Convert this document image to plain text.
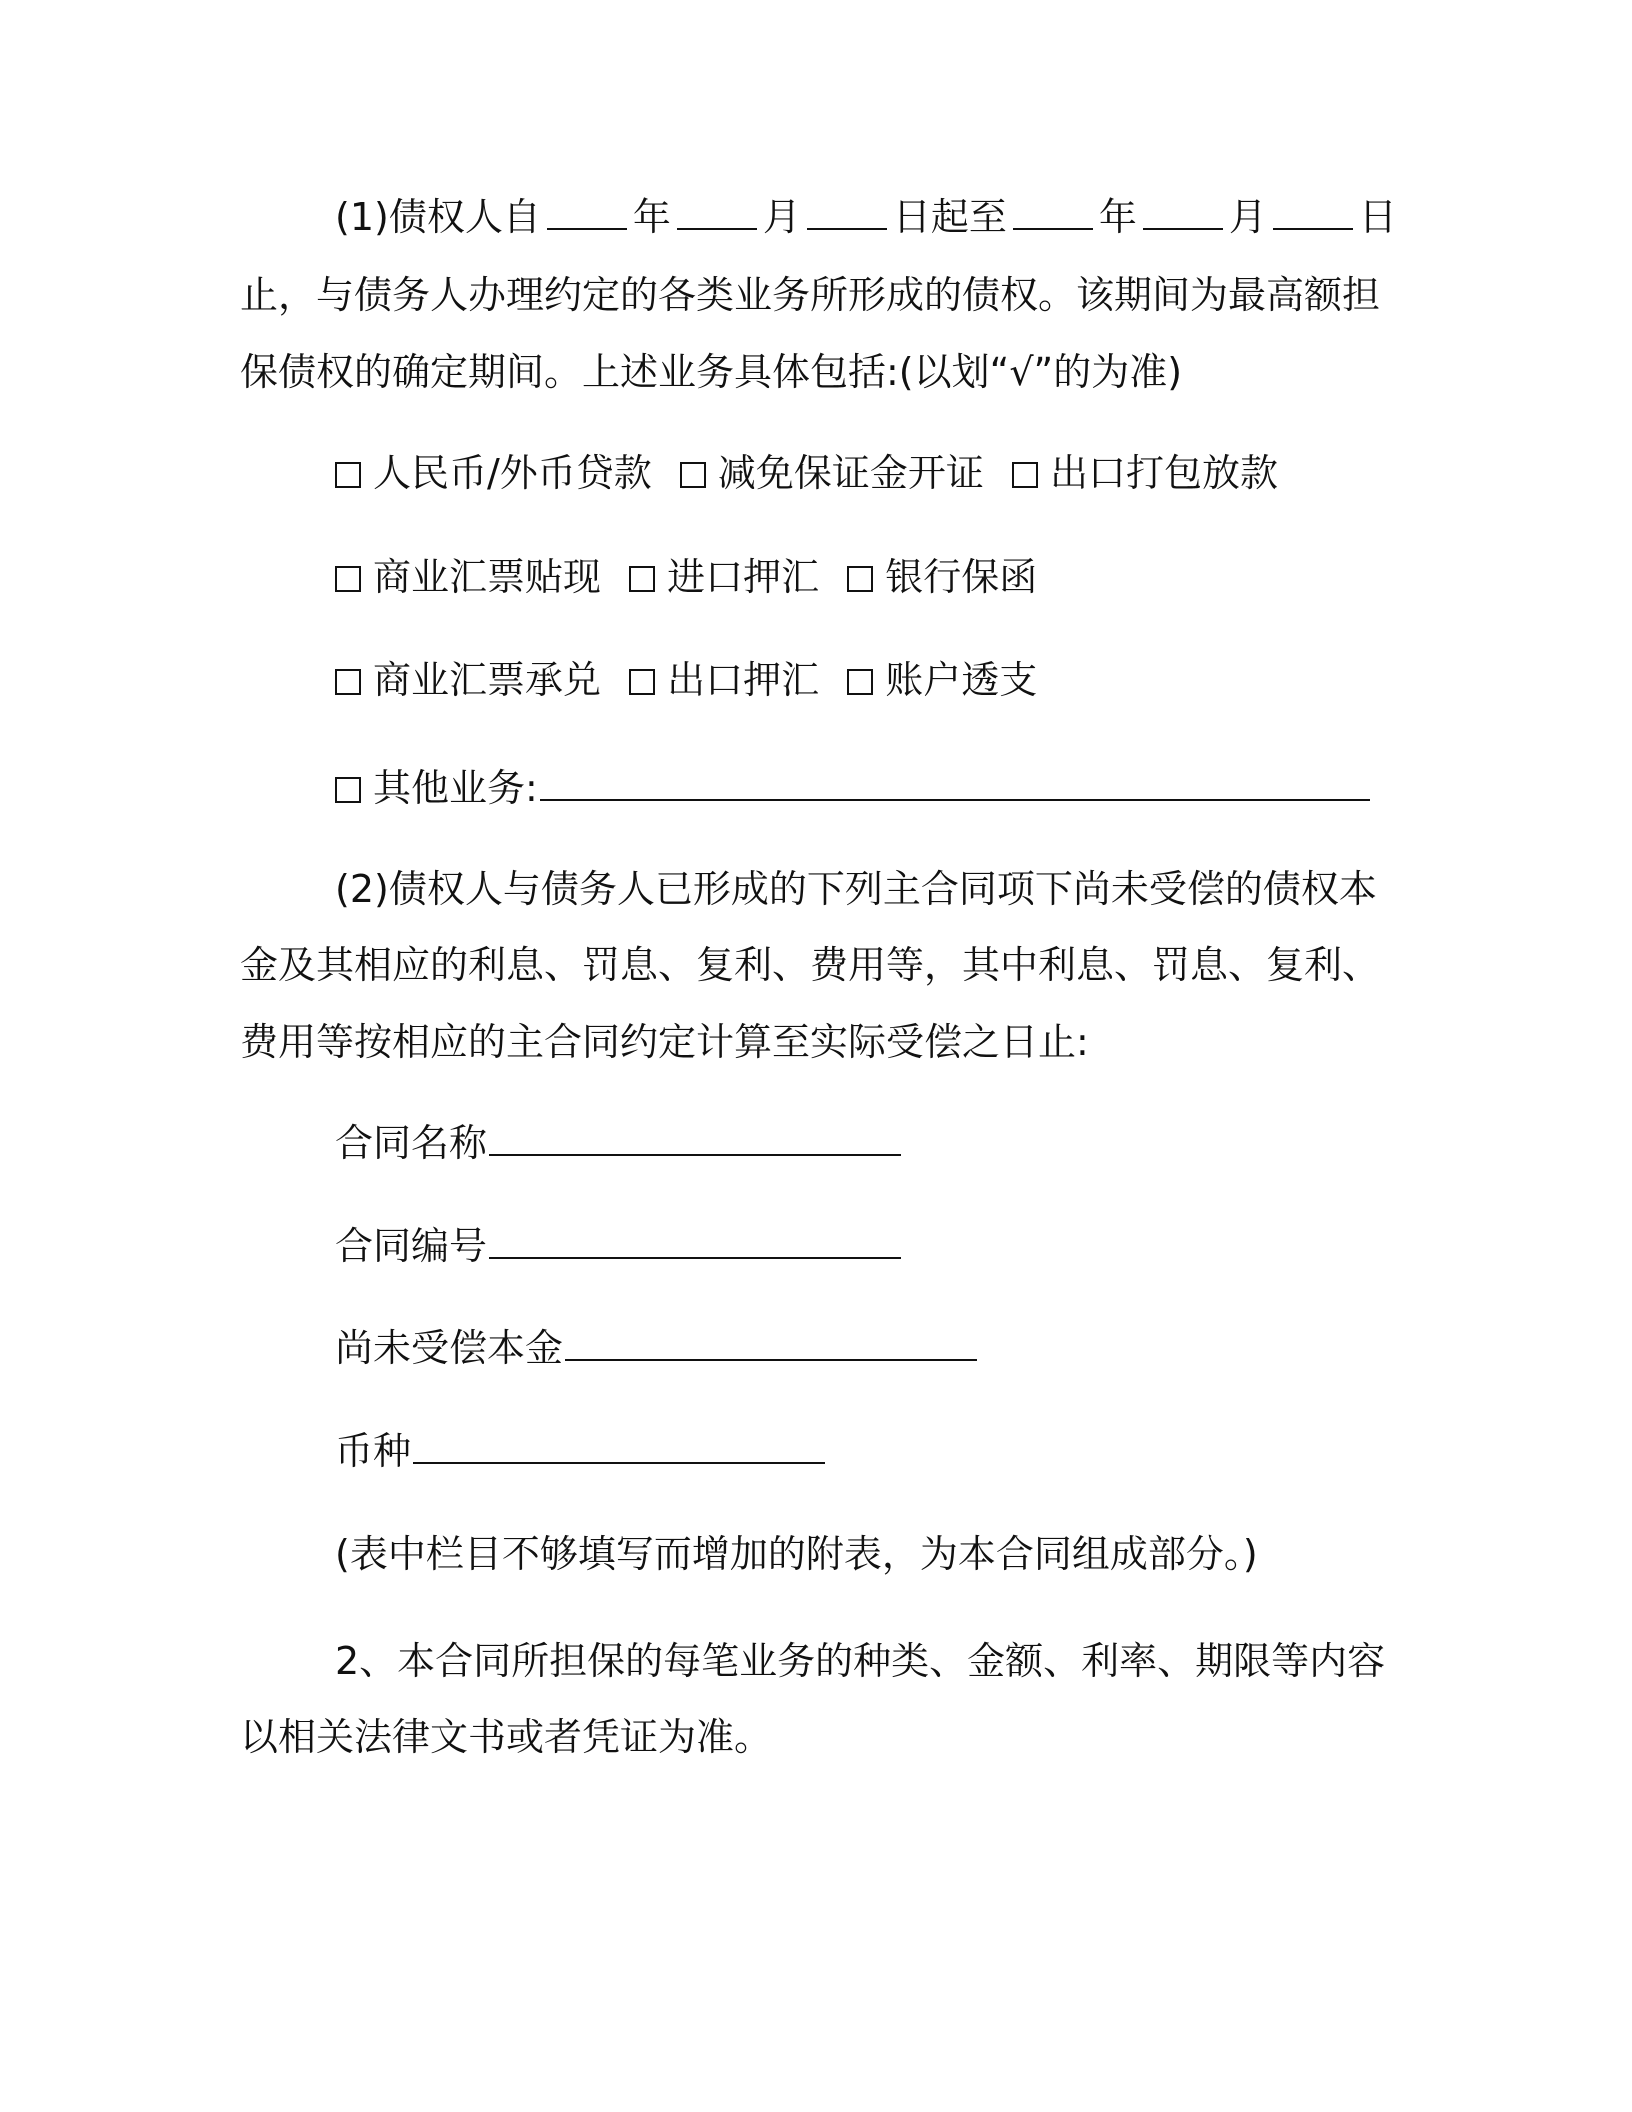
(1)债权人自 年 月 日起至 年 月 日
止，与债务人办理约定的各类业务所形成的债权。该期间为最高额担
保债权的确定期间。上述业务具体包括:(以划“√”的为准)
人民币/外币贷款 减免保证金开证 出口打包放款
商业汇票贴现 进口押汇 银行保函
商业汇票承兑 出口押汇 账户透支
其他业务:
(2)债权人与债务人已形成的下列主合同项下尚未受偿的债权本
金及其相应的利息、罚息、复利、费用等，其中利息、罚息、复利、
费用等按相应的主合同约定计算至实际受偿之日止:
合同名称
合同编号
尚未受偿本金
币种
(表中栏目不够填写而增加的附表，为本合同组成部分。)
2、本合同所担保的每笔业务的种类、金额、利率、期限等内容
以相关法律文书或者凭证为准。
